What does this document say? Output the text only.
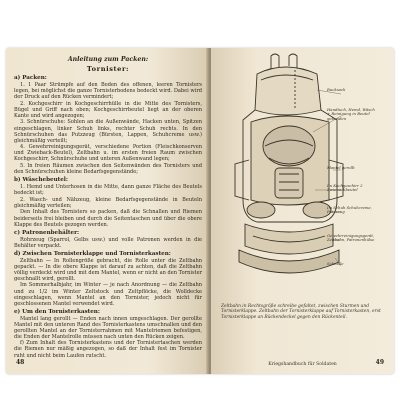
Anleitung zum Packen:
Tornister:
a) Packen:
1. 1 Paar Strümpfe auf den Boden des offenen, leeren Tornisters legen, bei möglichst die ganze Tornisterbodens bedeckt wird. Dabei wird der Druck auf den Rücken vermindert;
2. Kochgeschirr in Kochgeschirrhülle in die Mitte des Tornisters, Bügel und Griff nach oben; Kochgeschirrbeutel liegt an der oberen Kante und wird angezogen;
3. Schnürschuhe: Sohlen an die Außenwände, Hacken unten, Spitzen eingeschlagen, linker Schuh links, rechter Schuh rechts. In den Schnürschuhen das Putzzeug (Bürsten, Lappen, Schuhcreme usw.) gleichmäßig verteilt;
4. Gewehrreinigungsgerät, verschiedene Portion (Fleischkonserven und Zwieback-Beutel), Zeltbahn u. im ersten freien Raum zwischen Kochgeschirr, Schnürschuhe und unteren Außenwand legen;
5. In freien Räumen zwischen den Seitenwänden des Tornisters und den Schnürschuhen kleine Bedarfsgegenstände;
b) Wäschebeutel:
1. Hemd und Unterhosen in die Mitte, dann ganze Fläche des Beutels bedeckt ist;
2. Wasch- und Nähzeug, kleine Bedarfsgegenstände in Beuteln gleichmäßig verteilen;
Den Inhalt des Tornisters so packen, daß die Schnallen und Riemen beiderseits frei bleiben und durch die Seitentaschen und über die obere Klappe des Beutels gezogen werden.
c) Patronenbehälter:
Rohrzeug (Sparrol, Gelbs usw.) und volle Patronen werden in die Behälter verpackt.
d) Zwischen Tornisterklappe und Tornisterkasten:
Zeltbahn — In Rollengröße gebracht, die Rolle unter die Zeltbahn gepackt. — In die obere Klappe ist darauf zu achten, daß die Zeltbahn völlig verdeckt wird und mit dem Mantel, wenn er nicht an den Tornister geschnallt wird, gerollt.
Im Sommerhalbjahr, im Winter — je nach Anordnung — die Zeltbahn und zu 1/2 im Winter Zeltstock und Zeltpflöcke, die Wolldecke eingeschlagen, wenn Mantel an den Tornister, jedoch nicht für geschlossenen Mantel verwendet wird.
e) Um den Tornisterkasten:
Mantel lang gerollt — Enden nach innen umgeschlagen. Der gerollte Mantel mit den unteren Rand des Tornisterkastens umschnallen und den gerollten Mantel an der Tornisterrahmen mit Mantelriemen befestigen, die Enden der Mantelrolle müssen nach unten den Rücken zeigen.
f) Zum Inhalt des Tornisterkastens und der Tornistertaschen werden die Riemen nur mäßig angezogen, so daß der Inhalt fest im Tornister ruht und nicht beim Laufen rutscht.
48
Rucksack
Handtuch, Hemd, Wäsch + Reinigung in Beutel gebunden
Mantel gerollt
Im Kochgeschirr 2 Zwiebackbeutel
Im Schuh Schuhcreme, Putzzeug
Gewehrreinigungsgerät, Zeltbahn, Patronenhülse
Schnalle
Zeltbahn in Rechtsgröße schreibe gefaltet, zwischen Sturmen und Tornisterklappe. Zeltbahn der Tornisterklappe auf Tornisterkasten, erst Tornisterklappe an Rückendeckel gegen den Rückenteil.
Kriegshandbuch für Soldaten	49
